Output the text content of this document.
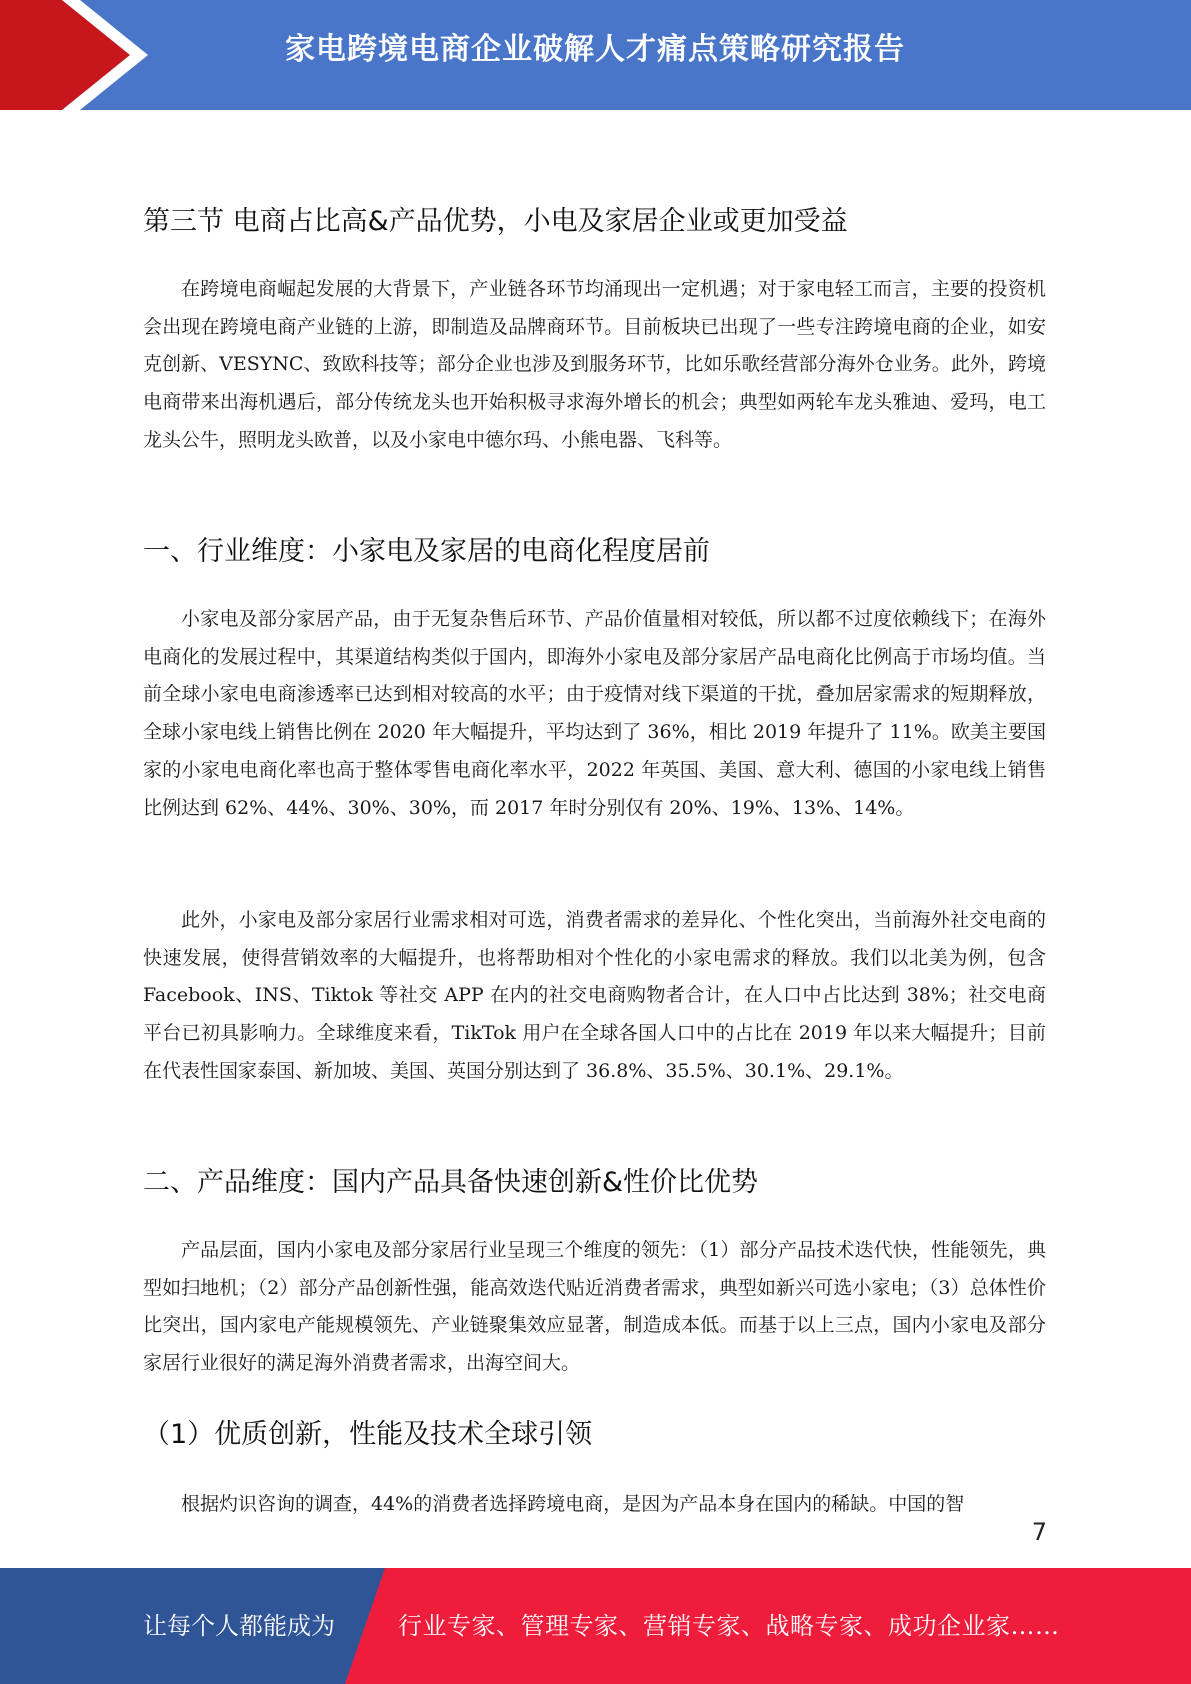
家电跨境电商企业破解人才痛点策略研究报告
第三节 电商占比高&产品优势，小电及家居企业或更加受益

在跨境电商崛起发展的大背景下，产业链各环节均涌现出一定机遇；对于家电轻工而言，主要的投资机会出现在跨境电商产业链的上游，即制造及品牌商环节。目前板块已出现了一些专注跨境电商的企业，如安克创新、VESYNC、致欧科技等；部分企业也涉及到服务环节，比如乐歌经营部分海外仓业务。此外，跨境电商带来出海机遇后，部分传统龙头也开始积极寻求海外增长的机会；典型如两轮车龙头雅迪、爱玛，电工龙头公牛，照明龙头欧普，以及小家电中德尔玛、小熊电器、飞科等。

一、行业维度：小家电及家居的电商化程度居前

小家电及部分家居产品，由于无复杂售后环节、产品价值量相对较低，所以都不过度依赖线下；在海外电商化的发展过程中，其渠道结构类似于国内，即海外小家电及部分家居产品电商化比例高于市场均值。当前全球小家电电商渗透率已达到相对较高的水平；由于疫情对线下渠道的干扰，叠加居家需求的短期释放，全球小家电线上销售比例在 2020 年大幅提升，平均达到了 36%，相比 2019 年提升了 11%。欧美主要国家的小家电电商化率也高于整体零售电商化率水平，2022 年英国、美国、意大利、德国的小家电线上销售比例达到 62%、44%、30%、30%，而 2017 年时分别仅有 20%、19%、13%、14%。

此外，小家电及部分家居行业需求相对可选，消费者需求的差异化、个性化突出，当前海外社交电商的快速发展，使得营销效率的大幅提升，也将帮助相对个性化的小家电需求的释放。我们以北美为例，包含 Facebook、INS、Tiktok 等社交 APP 在内的社交电商购物者合计，在人口中占比达到 38%；社交电商平台已初具影响力。全球维度来看，TikTok 用户在全球各国人口中的占比在 2019 年以来大幅提升；目前在代表性国家泰国、新加坡、美国、英国分别达到了 36.8%、35.5%、30.1%、29.1%。

二、产品维度：国内产品具备快速创新&性价比优势

产品层面，国内小家电及部分家居行业呈现三个维度的领先：（1）部分产品技术迭代快，性能领先，典型如扫地机；（2）部分产品创新性强，能高效迭代贴近消费者需求，典型如新兴可选小家电；（3）总体性价比突出，国内家电产能规模领先、产业链聚集效应显著，制造成本低。而基于以上三点，国内小家电及部分家居行业很好的满足海外消费者需求，出海空间大。

（1）优质创新，性能及技术全球引领

根据灼识咨询的调查，44%的消费者选择跨境电商，是因为产品本身在国内的稀缺。中国的智

7
让每个人都能成为	行业专家、管理专家、营销专家、战略专家、成功企业家……
